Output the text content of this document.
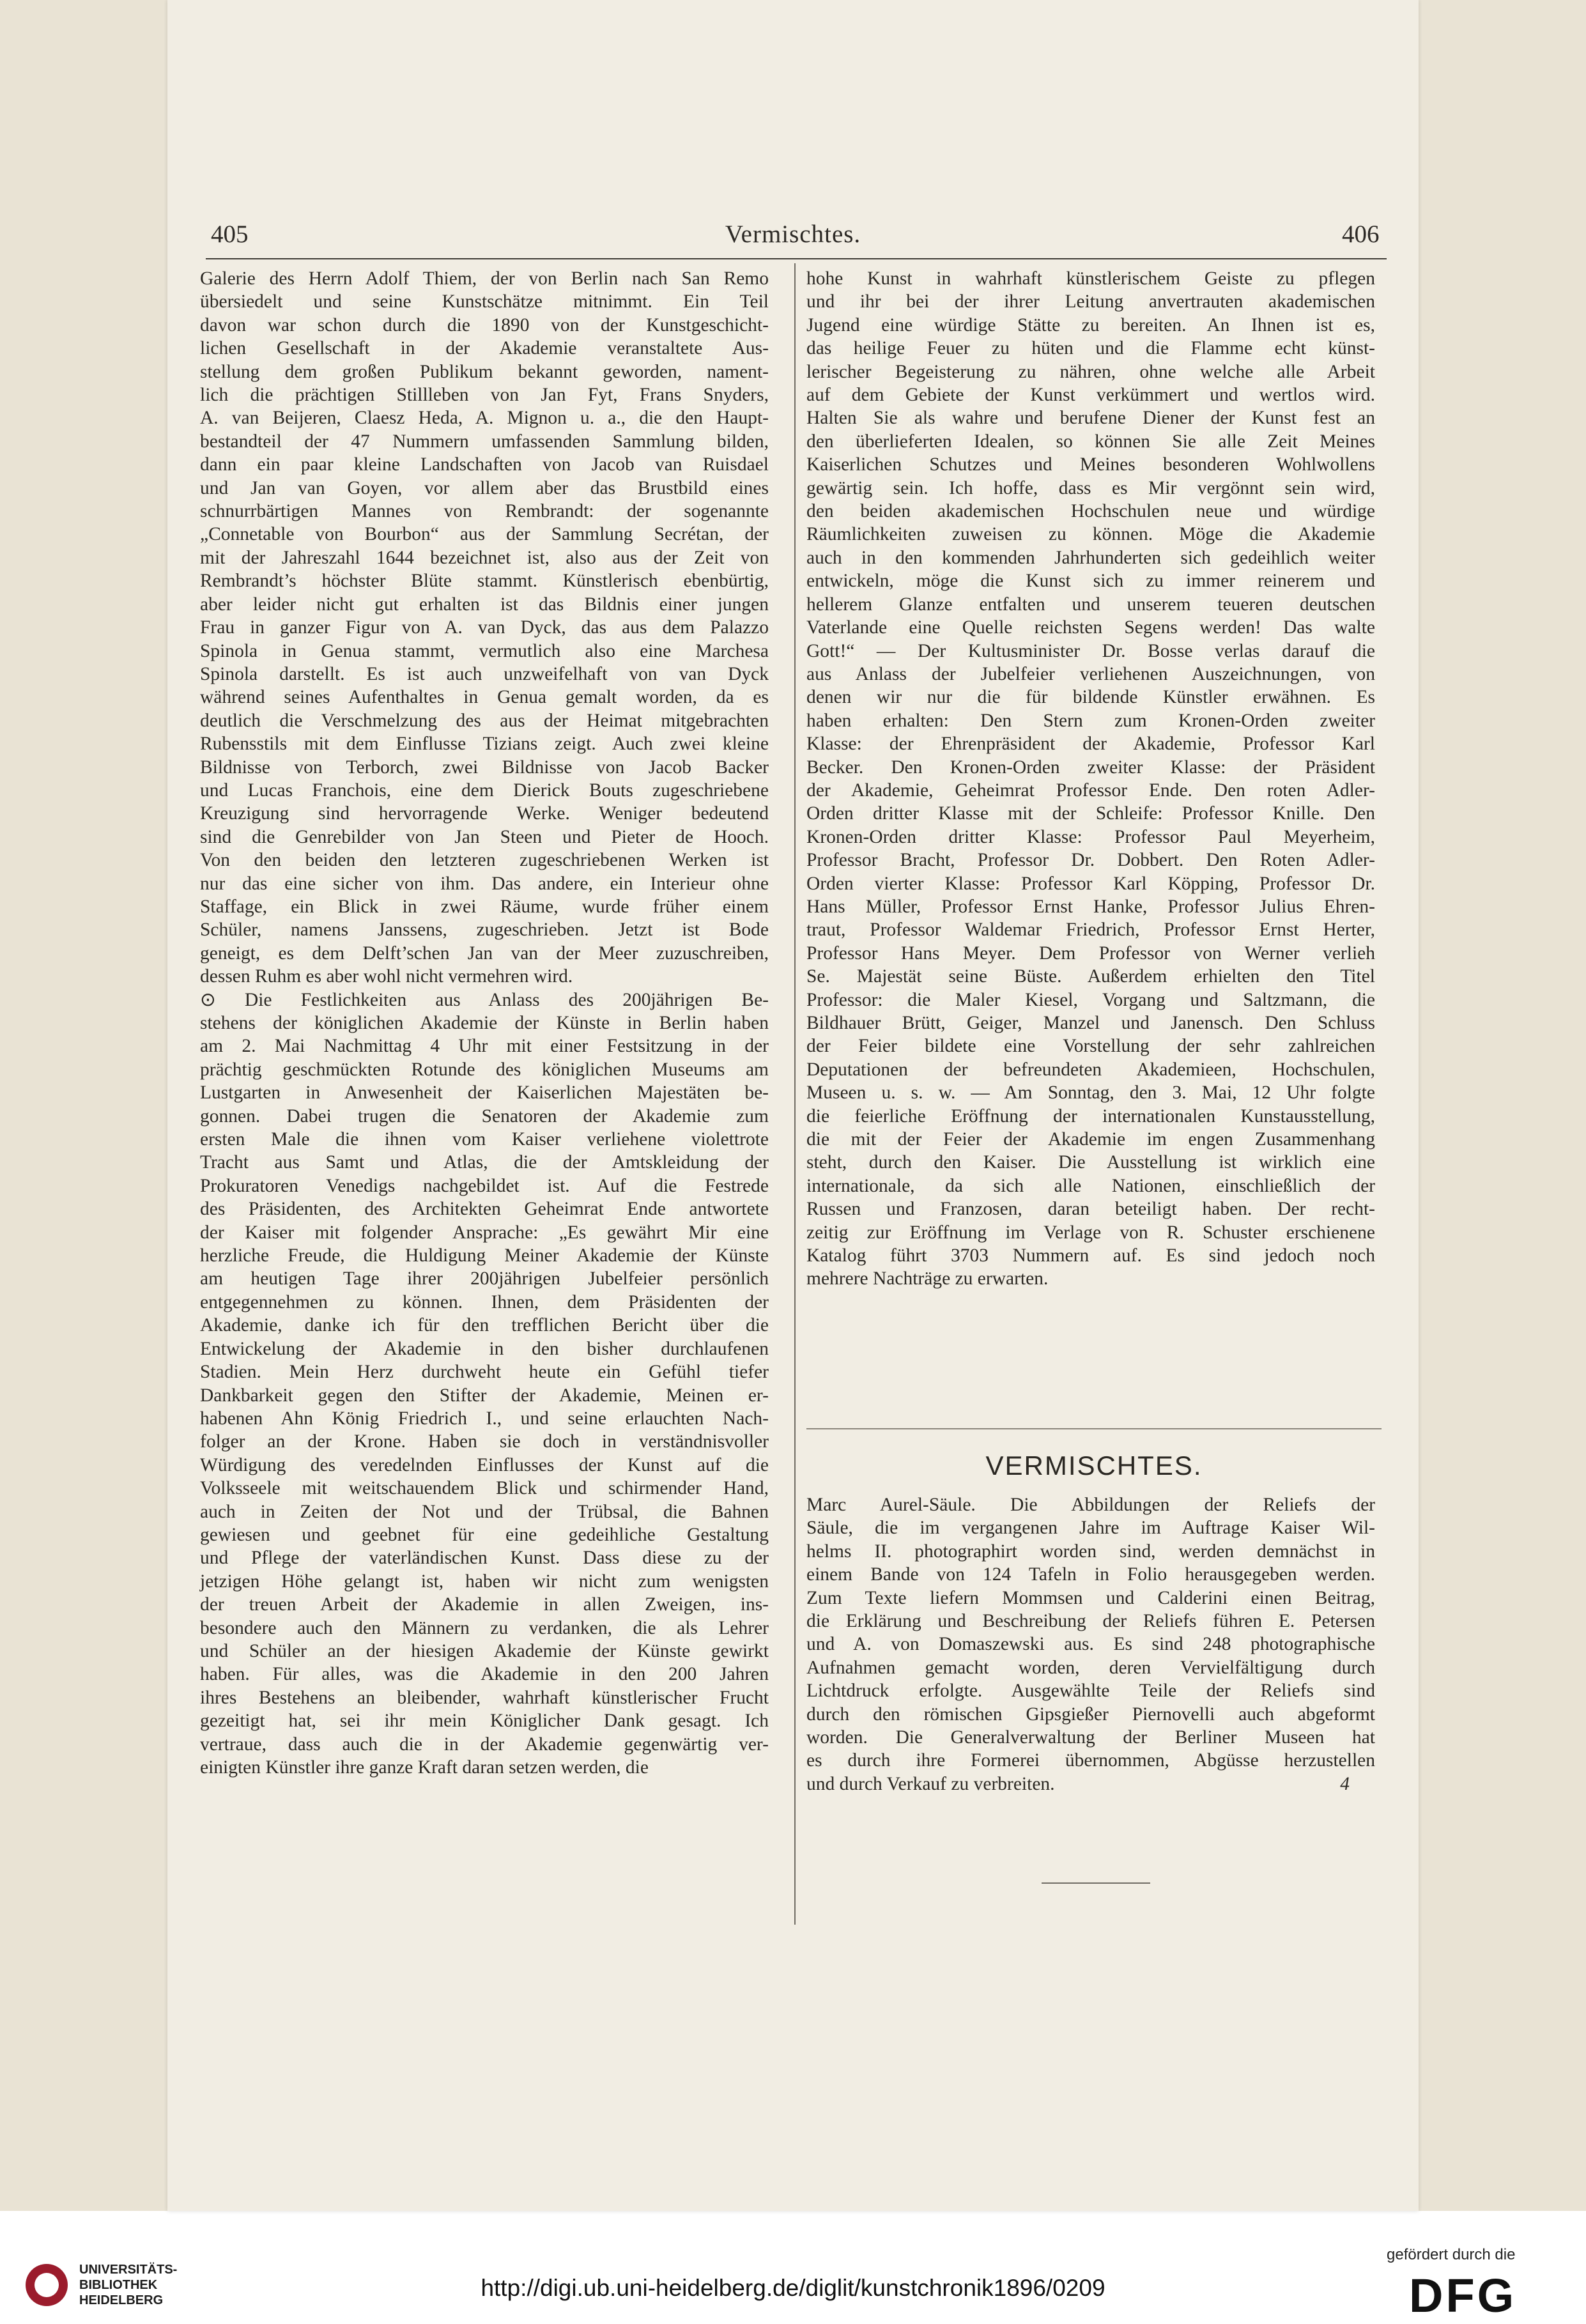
405	Vermischtes.	406

Galerie des Herrn Adolf Thiem, der von Berlin nach San Remo
übersiedelt und seine Kunstschätze mitnimmt. Ein Teil
davon war schon durch die 1890 von der Kunstgeschicht-
lichen Gesellschaft in der Akademie veranstaltete Aus-
stellung dem großen Publikum bekannt geworden, nament-
lich die prächtigen Stillleben von Jan Fyt, Frans Snyders,
A. van Beijeren, Claesz Heda, A. Mignon u. a., die den Haupt-
bestandteil der 47 Nummern umfassenden Sammlung bilden,
dann ein paar kleine Landschaften von Jacob van Ruisdael
und Jan van Goyen, vor allem aber das Brustbild eines
schnurrbärtigen Mannes von Rembrandt: der sogenannte
„Connetable von Bourbon“ aus der Sammlung Secrétan, der
mit der Jahreszahl 1644 bezeichnet ist, also aus der Zeit von
Rembrandt’s höchster Blüte stammt. Künstlerisch ebenbürtig,
aber leider nicht gut erhalten ist das Bildnis einer jungen
Frau in ganzer Figur von A. van Dyck, das aus dem Palazzo
Spinola in Genua stammt, vermutlich also eine Marchesa
Spinola darstellt. Es ist auch unzweifelhaft von van Dyck
während seines Aufenthaltes in Genua gemalt worden, da es
deutlich die Verschmelzung des aus der Heimat mitgebrachten
Rubensstils mit dem Einflusse Tizians zeigt. Auch zwei kleine
Bildnisse von Terborch, zwei Bildnisse von Jacob Backer
und Lucas Franchois, eine dem Dierick Bouts zugeschriebene
Kreuzigung sind hervorragende Werke. Weniger bedeutend
sind die Genrebilder von Jan Steen und Pieter de Hooch.
Von den beiden den letzteren zugeschriebenen Werken ist
nur das eine sicher von ihm. Das andere, ein Interieur ohne
Staffage, ein Blick in zwei Räume, wurde früher einem
Schüler, namens Janssens, zugeschrieben. Jetzt ist Bode
geneigt, es dem Delft’schen Jan van der Meer zuzuschreiben,
dessen Ruhm es aber wohl nicht vermehren wird.

⊙ Die Festlichkeiten aus Anlass des 200jährigen Be-
stehens der königlichen Akademie der Künste in Berlin haben
am 2. Mai Nachmittag 4 Uhr mit einer Festsitzung in der
prächtig geschmückten Rotunde des königlichen Museums am
Lustgarten in Anwesenheit der Kaiserlichen Majestäten be-
gonnen. Dabei trugen die Senatoren der Akademie zum
ersten Male die ihnen vom Kaiser verliehene violettrote
Tracht aus Samt und Atlas, die der Amtskleidung der
Prokuratoren Venedigs nachgebildet ist. Auf die Festrede
des Präsidenten, des Architekten Geheimrat Ende antwortete
der Kaiser mit folgender Ansprache: „Es gewährt Mir eine
herzliche Freude, die Huldigung Meiner Akademie der Künste
am heutigen Tage ihrer 200jährigen Jubelfeier persönlich
entgegennehmen zu können. Ihnen, dem Präsidenten der
Akademie, danke ich für den trefflichen Bericht über die
Entwickelung der Akademie in den bisher durchlaufenen
Stadien. Mein Herz durchweht heute ein Gefühl tiefer
Dankbarkeit gegen den Stifter der Akademie, Meinen er-
habenen Ahn König Friedrich I., und seine erlauchten Nach-
folger an der Krone. Haben sie doch in verständnisvoller
Würdigung des veredelnden Einflusses der Kunst auf die
Volksseele mit weitschauendem Blick und schirmender Hand,
auch in Zeiten der Not und der Trübsal, die Bahnen
gewiesen und geebnet für eine gedeihliche Gestaltung
und Pflege der vaterländischen Kunst. Dass diese zu der
jetzigen Höhe gelangt ist, haben wir nicht zum wenigsten
der treuen Arbeit der Akademie in allen Zweigen, ins-
besondere auch den Männern zu verdanken, die als Lehrer
und Schüler an der hiesigen Akademie der Künste gewirkt
haben. Für alles, was die Akademie in den 200 Jahren
ihres Bestehens an bleibender, wahrhaft künstlerischer Frucht
gezeitigt hat, sei ihr mein Königlicher Dank gesagt. Ich
vertraue, dass auch die in der Akademie gegenwärtig ver-
einigten Künstler ihre ganze Kraft daran setzen werden, die

hohe Kunst in wahrhaft künstlerischem Geiste zu pflegen
und ihr bei der ihrer Leitung anvertrauten akademischen
Jugend eine würdige Stätte zu bereiten. An Ihnen ist es,
das heilige Feuer zu hüten und die Flamme echt künst-
lerischer Begeisterung zu nähren, ohne welche alle Arbeit
auf dem Gebiete der Kunst verkümmert und wertlos wird.
Halten Sie als wahre und berufene Diener der Kunst fest an
den überlieferten Idealen, so können Sie alle Zeit Meines
Kaiserlichen Schutzes und Meines besonderen Wohlwollens
gewärtig sein. Ich hoffe, dass es Mir vergönnt sein wird,
den beiden akademischen Hochschulen neue und würdige
Räumlichkeiten zuweisen zu können. Möge die Akademie
auch in den kommenden Jahrhunderten sich gedeihlich weiter
entwickeln, möge die Kunst sich zu immer reinerem und
hellerem Glanze entfalten und unserem teueren deutschen
Vaterlande eine Quelle reichsten Segens werden! Das walte
Gott!“ — Der Kultusminister Dr. Bosse verlas darauf die
aus Anlass der Jubelfeier verliehenen Auszeichnungen, von
denen wir nur die für bildende Künstler erwähnen. Es
haben erhalten: Den Stern zum Kronen-Orden zweiter
Klasse: der Ehrenpräsident der Akademie, Professor Karl
Becker. Den Kronen-Orden zweiter Klasse: der Präsident
der Akademie, Geheimrat Professor Ende. Den roten Adler-
Orden dritter Klasse mit der Schleife: Professor Knille. Den
Kronen-Orden dritter Klasse: Professor Paul Meyerheim,
Professor Bracht, Professor Dr. Dobbert. Den Roten Adler-
Orden vierter Klasse: Professor Karl Köpping, Professor Dr.
Hans Müller, Professor Ernst Hanke, Professor Julius Ehren-
traut, Professor Waldemar Friedrich, Professor Ernst Herter,
Professor Hans Meyer. Dem Professor von Werner verlieh
Se. Majestät seine Büste. Außerdem erhielten den Titel
Professor: die Maler Kiesel, Vorgang und Saltzmann, die
Bildhauer Brütt, Geiger, Manzel und Janensch. Den Schluss
der Feier bildete eine Vorstellung der sehr zahlreichen
Deputationen der befreundeten Akademieen, Hochschulen,
Museen u. s. w. — Am Sonntag, den 3. Mai, 12 Uhr folgte
die feierliche Eröffnung der internationalen Kunstausstellung,
die mit der Feier der Akademie im engen Zusammenhang
steht, durch den Kaiser. Die Ausstellung ist wirklich eine
internationale, da sich alle Nationen, einschließlich der
Russen und Franzosen, daran beteiligt haben. Der recht-
zeitig zur Eröffnung im Verlage von R. Schuster erschienene
Katalog führt 3703 Nummern auf. Es sind jedoch noch
mehrere Nachträge zu erwarten.

VERMISCHTES.

Marc Aurel-Säule. Die Abbildungen der Reliefs der
Säule, die im vergangenen Jahre im Auftrage Kaiser Wil-
helms II. photographirt worden sind, werden demnächst in
einem Bande von 124 Tafeln in Folio herausgegeben werden.
Zum Texte liefern Mommsen und Calderini einen Beitrag,
die Erklärung und Beschreibung der Reliefs führen E. Petersen
und A. von Domaszewski aus. Es sind 248 photographische
Aufnahmen gemacht worden, deren Vervielfältigung durch
Lichtdruck erfolgte. Ausgewählte Teile der Reliefs sind
durch den römischen Gipsgießer Piernovelli auch abgeformt
worden. Die Generalverwaltung der Berliner Museen hat
es durch ihre Formerei übernommen, Abgüsse herzustellen
und durch Verkauf zu verbreiten.	4

UNIVERSITÄTS-
BIBLIOTHEK
HEIDELBERG	http://digi.ub.uni-heidelberg.de/diglit/kunstchronik1896/0209
gefördert durch die
DFG
